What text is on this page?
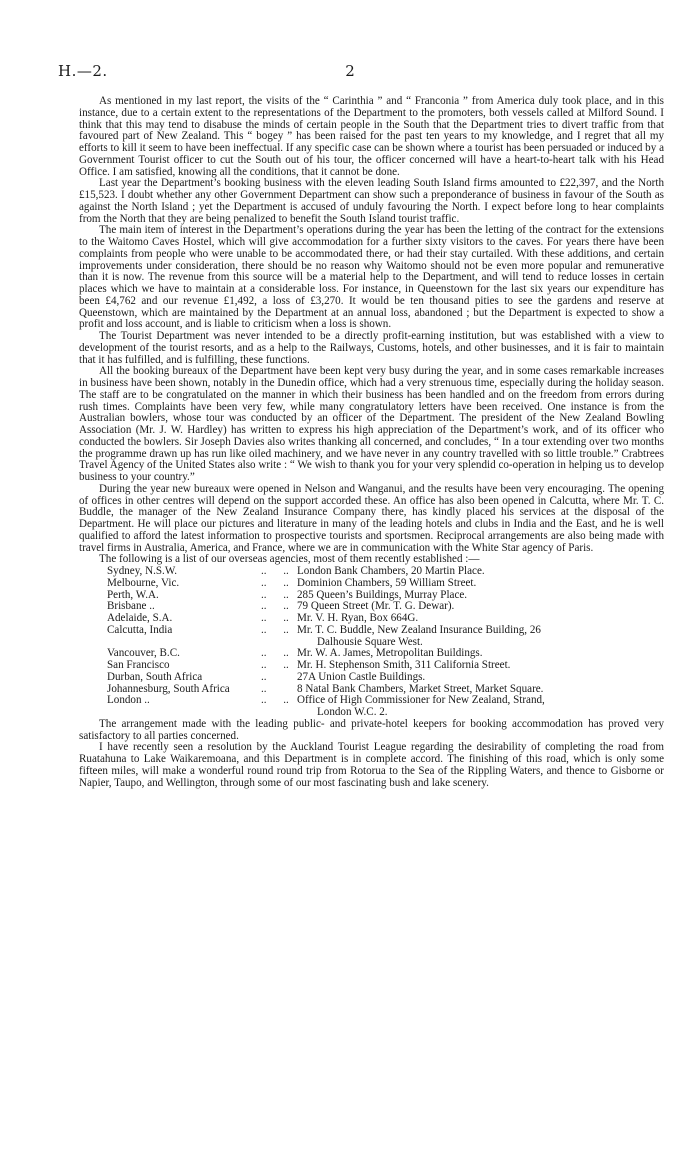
H.—2.	2

As mentioned in my last report, the visits of the “ Carinthia ” and “ Franconia ” from America duly took place, and in this instance, due to a certain extent to the representations of the Department to the promoters, both vessels called at Milford Sound. I think that this may tend to disabuse the minds of certain people in the South that the Department tries to divert traffic from that favoured part of New Zealand. This “ bogey ” has been raised for the past ten years to my knowledge, and I regret that all my efforts to kill it seem to have been ineffectual. If any specific case can be shown where a tourist has been persuaded or induced by a Government Tourist officer to cut the South out of his tour, the officer concerned will have a heart-to-heart talk with his Head Office. I am satisfied, knowing all the conditions, that it cannot be done.

Last year the Department’s booking business with the eleven leading South Island firms amounted to £22,397, and the North £15,523. I doubt whether any other Government Department can show such a preponderance of business in favour of the South as against the North Island ; yet the Department is accused of unduly favouring the North. I expect before long to hear complaints from the North that they are being penalized to benefit the South Island tourist traffic.

The main item of interest in the Department’s operations during the year has been the letting of the contract for the extensions to the Waitomo Caves Hostel, which will give accommodation for a further sixty visitors to the caves. For years there have been complaints from people who were unable to be accommodated there, or had their stay curtailed. With these additions, and certain improvements under consideration, there should be no reason why Waitomo should not be even more popular and remunerative than it is now. The revenue from this source will be a material help to the Department, and will tend to reduce losses in certain places which we have to maintain at a considerable loss. For instance, in Queenstown for the last six years our expenditure has been £4,762 and our revenue £1,492, a loss of £3,270. It would be ten thousand pities to see the gardens and reserve at Queenstown, which are maintained by the Department at an annual loss, abandoned ; but the Department is expected to show a profit and loss account, and is liable to criticism when a loss is shown.

The Tourist Department was never intended to be a directly profit-earning institution, but was established with a view to development of the tourist resorts, and as a help to the Railways, Customs, hotels, and other businesses, and it is fair to maintain that it has fulfilled, and is fulfilling, these functions.

All the booking bureaux of the Department have been kept very busy during the year, and in some cases remarkable increases in business have been shown, notably in the Dunedin office, which had a very strenuous time, especially during the holiday season. The staff are to be congratulated on the manner in which their business has been handled and on the freedom from errors during rush times. Complaints have been very few, while many congratulatory letters have been received. One instance is from the Australian bowlers, whose tour was conducted by an officer of the Department. The president of the New Zealand Bowling Association (Mr. J. W. Hardley) has written to express his high appreciation of the Department’s work, and of its officer who conducted the bowlers. Sir Joseph Davies also writes thanking all concerned, and concludes, “ In a tour extending over two months the programme drawn up has run like oiled machinery, and we have never in any country travelled with so little trouble.” Crabtrees Travel Agency of the United States also write : “ We wish to thank you for your very splendid co-operation in helping us to develop business to your country.”

During the year new bureaux were opened in Nelson and Wanganui, and the results have been very encouraging. The opening of offices in other centres will depend on the support accorded these. An office has also been opened in Calcutta, where Mr. T. C. Buddle, the manager of the New Zealand Insurance Company there, has kindly placed his services at the disposal of the Department. He will place our pictures and literature in many of the leading hotels and clubs in India and the East, and he is well qualified to afford the latest information to prospective tourists and sportsmen. Reciprocal arrangements are also being made with travel firms in Australia, America, and France, where we are in communication with the White Star agency of Paris.

The following is a list of our overseas agencies, most of them recently established :—

Sydney, N.S.W.	..      ..	London Bank Chambers, 20 Martin Place.
Melbourne, Vic.	..      ..	Dominion Chambers, 59 William Street.
Perth, W.A.	..      ..	285 Queen’s Buildings, Murray Place.
Brisbane ..	..      ..	79 Queen Street (Mr. T. G. Dewar).
Adelaide, S.A.	..      ..	Mr. V. H. Ryan, Box 664G.
Calcutta, India	..      ..	Mr. T. C. Buddle, New Zealand Insurance Building, 26
Dalhousie Square West.

Vancouver, B.C.	..      ..	Mr. W. A. James, Metropolitan Buildings.
San Francisco	..      ..	Mr. H. Stephenson Smith, 311 California Street.
Durban, South Africa	..	27A Union Castle Buildings.
Johannesburg, South Africa	..	8 Natal Bank Chambers, Market Street, Market Square.
London ..	..      ..	Office of High Commissioner for New Zealand, Strand,
London W.C. 2.

The arrangement made with the leading public- and private-hotel keepers for booking accommodation has proved very satisfactory to all parties concerned.

I have recently seen a resolution by the Auckland Tourist League regarding the desirability of completing the road from Ruatahuna to Lake Waikaremoana, and this Department is in complete accord. The finishing of this road, which is only some fifteen miles, will make a wonderful round round trip from Rotorua to the Sea of the Rippling Waters, and thence to Gisborne or Napier, Taupo, and Wellington, through some of our most fascinating bush and lake scenery.
